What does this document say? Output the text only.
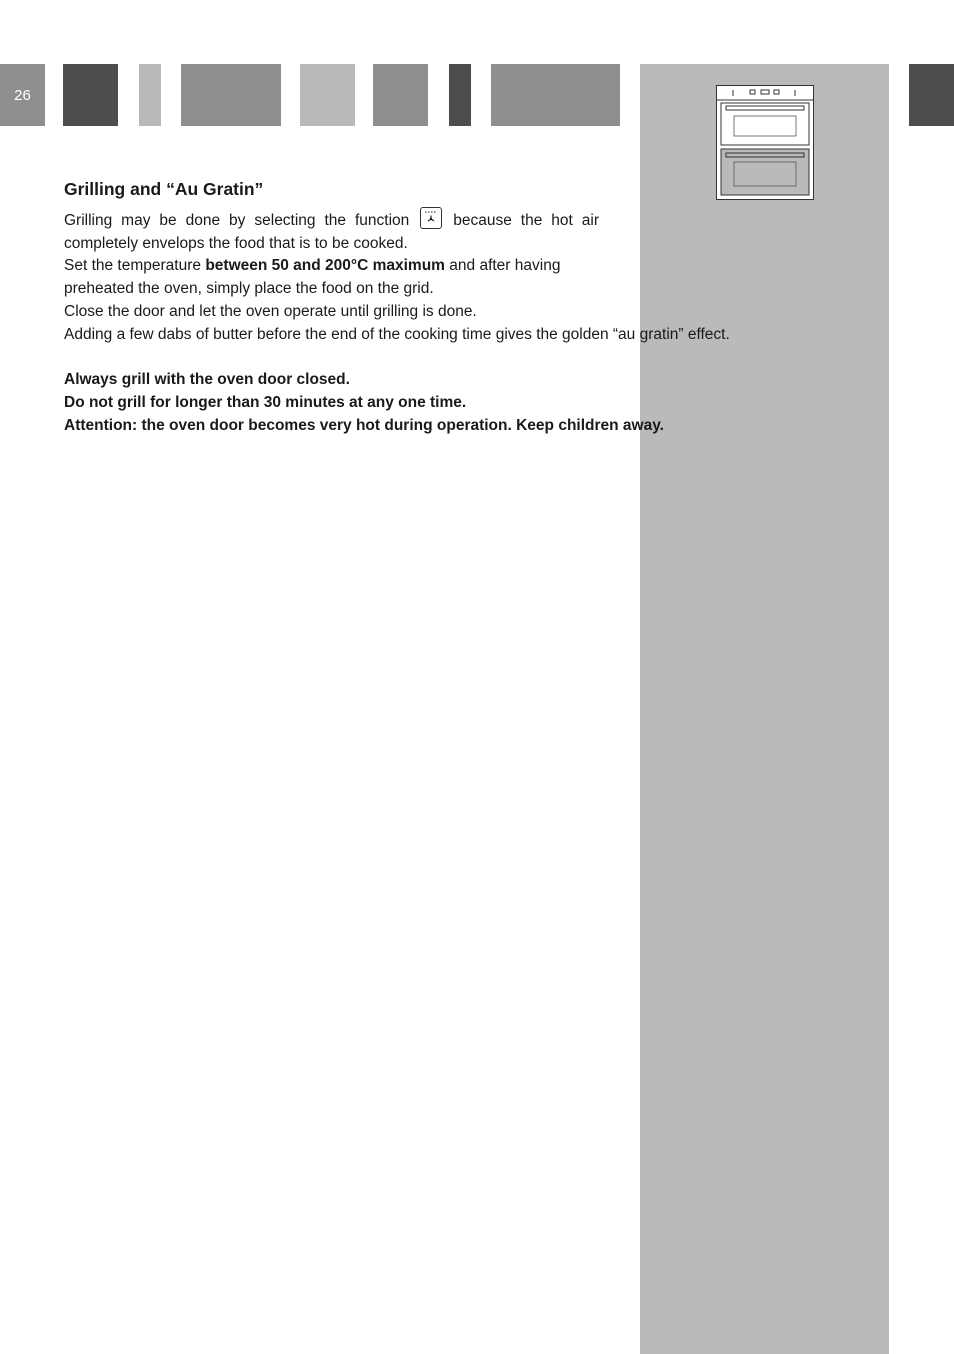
26
Grilling and “Au Gratin”

Grilling may be done by selecting the function	because the hot air

completely envelops the food that is to be cooked.

Set the temperature between 50 and 200°C maximum and after having

preheated the oven, simply place the food on the grid.

Close the door and let the oven operate until grilling is done.

Adding a few dabs of butter before the end of the cooking time gives the golden “au gratin” effect.

Always grill with the oven door closed.

Do not grill for longer than 30 minutes at any one time.

Attention: the oven door becomes very hot during operation. Keep children away.
